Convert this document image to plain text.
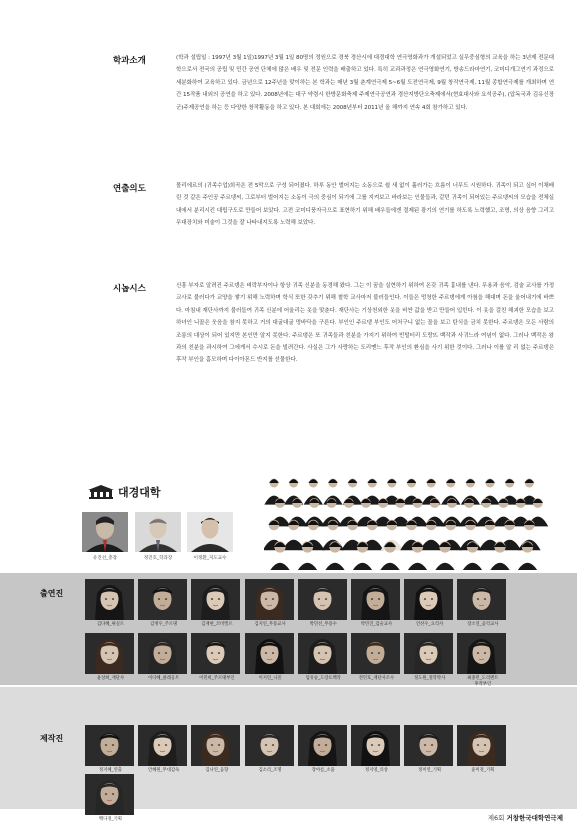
학과소개	(학과 설립일 : 1997년 3월 1일)1997년 3월 1일 80명의 정원으로 경북 경산시에 대경대학 연극영화과가 개설되었고 실무중심형의 교육을 하는 3년제 전문대학으로서 전국의 공립 및 민간 공연 단체에 많은 배우 및 전문 인력을 배출하고 있다. 특히 교과과정은 연극영화연기, 방송드라마연기, 코미디개그연기 과정으로 세분화하여 교육하고 있다. 금년으로 12주년을 맞이하는 본 학과는 매년 3월 춘계연극제 5~6월 도전연극제, 9월 창작연극제, 11월 종합연극제를 개최하며 연간 15작품 내외의 공연을 하고 있다. 2008년에는 대구 약령시 한방문화축제 주제연극공연과 경산지방단오축제에서(현효대사와 요석공주), (압독국과 김유신장군)주제공연을 하는 등 다양한 창작활동을 하고 있다. 본 대회에는 2008년부터 2011년 올 해까지 연속 4회 참가하고 있다.
연출의도	몰리에르의 (귀족수업)희곡은 전 5막으로 구성 되어졌다. 하루 동안 벌어지는 소동으로 쉴 새 없이 흘러가는 흐름이 너무도 시원하다. 귀족이 되고 싶어 이채배린 것 같은 주인공 주르댕씨, 그로부터 벌어지는 소동이 극의 중심이 되기에 그를 지켜보고 바라보는 인물들과, 같던 귀족이 되어있는 주르댕씨의 모습을 전체실내에서 분리시킨 대립구도로 만들어 보았다. 고전 코미디풍자극으로 표현하기 위해 배우들에겐 절제된 광기의 연기를 하도록 노력했고, 조명, 의상 음향 그리고 무대장치와 미술이 그것을 잘 나타내지도록 노력해 보았다.
시놉시스	신흥 부자로 알려진 주르댕은 벼락부자이나 항상 귀족 신분을 동경해 왔다. 그는 이 꿈을 실현하기 위하여 온갖 귀족 흉내를 낸다. 무용과 음악, 검술 교사를 가정교사로 불러다가 교양을 쌓기 위해 노력하며 학식 또한 갖추기 위해 철학 교사마저 불러들인다. 이들은 멍청한 주르댕에게 아첨을 해대며 돈을 울어내기에 바쁘다. 마침내 재단사까지 불러들여 귀족 신분에 어울리는 옷을 맞춘다. 재단사는 기상천외한 옷을 비싼 값을 받고 만들어 입힌다. 이 옷을 걸친 해괴한 모습을 보고 하녀인 니꼴은 웃음을 참지 못하고 거의 대굴대굴 멍바닥을 구른다. 부인인 주르댕 부인도 어처구니 없는 꼴을 보고 탄식을 금치 못한다. 주르댕은 모든 사람의 조롱의 대상이 되어 있지만 본인만 알지 못한다. 주르댕은 또 귀족들과 친분을 가지기 위하여 빈털터리 도랑뜨 백작과 사귀느라 여념이 없다. 그러나 백작은 왕과의 친분을 과시하여 그에게서 수시로 돈을 빌려간다. 사실은 그가 사랑하는 도리멘느 후작 부인의 환심을 사기 위한 것이다. 그러나 이를 알 리 없는 주르댕은 후작 부인을 흠모하며 다이아몬드 반지를 선물한다.
대경대학
유진선_총장	정진호_학과장	이정환_지도교수
출연진
김다혜_뤼실르	김병우_주르댕	김재현_코비엘르	김지연_무용교사	박민선_무용수	박민진_검술교사	안선우_요리사	장소연_음악교사
윤상희_재단사	이다혜_클레옹트	이민희_주르댕부인	이지연_니꼴	임유승_도랑뜨백작	전민호_재단사조수	정도원_철학박사	최종민_도리멘트
후작부인
제작진
정지혜_연출	안혜원_무대감독	김나연_음향	김소리_조명	장아름_소품	정지영_의상	정미연_기획	윤미경_기획
백다경_기획	제6회 거창한국대학연극제
